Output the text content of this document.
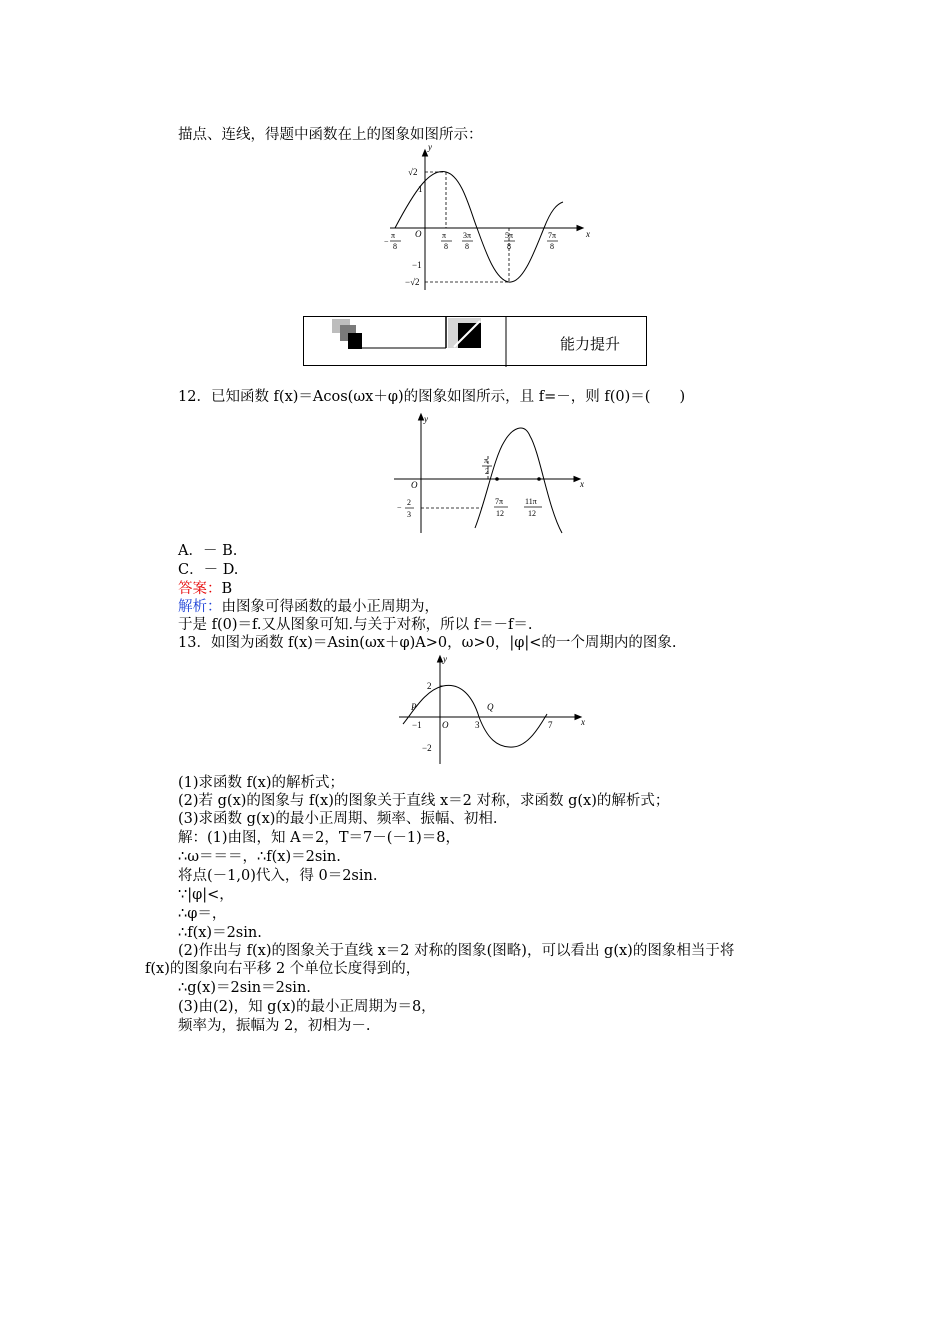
描点、连线，得题中函数在上的图象如图所示：
y
x
O
√2
1
−1
−√2
−
π
8
π
8
3π
8
5π
8
7π
8
能力提升
12．已知函数 f(x)＝Acos(ωx＋φ)的图象如图所示，且 f=－，则 f(0)＝(　　)
y
x
O
π
2
−
2
3
7π
12
11π
12
A．－ B.
C．－ D.
答案：B
解析：由图象可得函数的最小正周期为，
于是 f(0)＝f.又从图象可知.与关于对称，所以 f＝－f＝.
13．如图为函数 f(x)＝Asin(ωx＋φ)A>0，ω>0，|φ|<的一个周期内的图象.
y
x
O
2
−2
−1	3	7
P	Q
(1)求函数 f(x)的解析式；
(2)若 g(x)的图象与 f(x)的图象关于直线 x＝2 对称，求函数 g(x)的解析式；
(3)求函数 g(x)的最小正周期、频率、振幅、初相.
解：(1)由图，知 A＝2，T＝7－(－1)＝8，
∴ω＝＝＝，∴f(x)＝2sin.
将点(－1,0)代入，得 0＝2sin.
∵|φ|<，
∴φ＝，
∴f(x)＝2sin.
(2)作出与 f(x)的图象关于直线 x＝2 对称的图象(图略)，可以看出 g(x)的图象相当于将
f(x)的图象向右平移 2 个单位长度得到的，
∴g(x)＝2sin＝2sin.
(3)由(2)，知 g(x)的最小正周期为＝8，
频率为，振幅为 2，初相为－.
